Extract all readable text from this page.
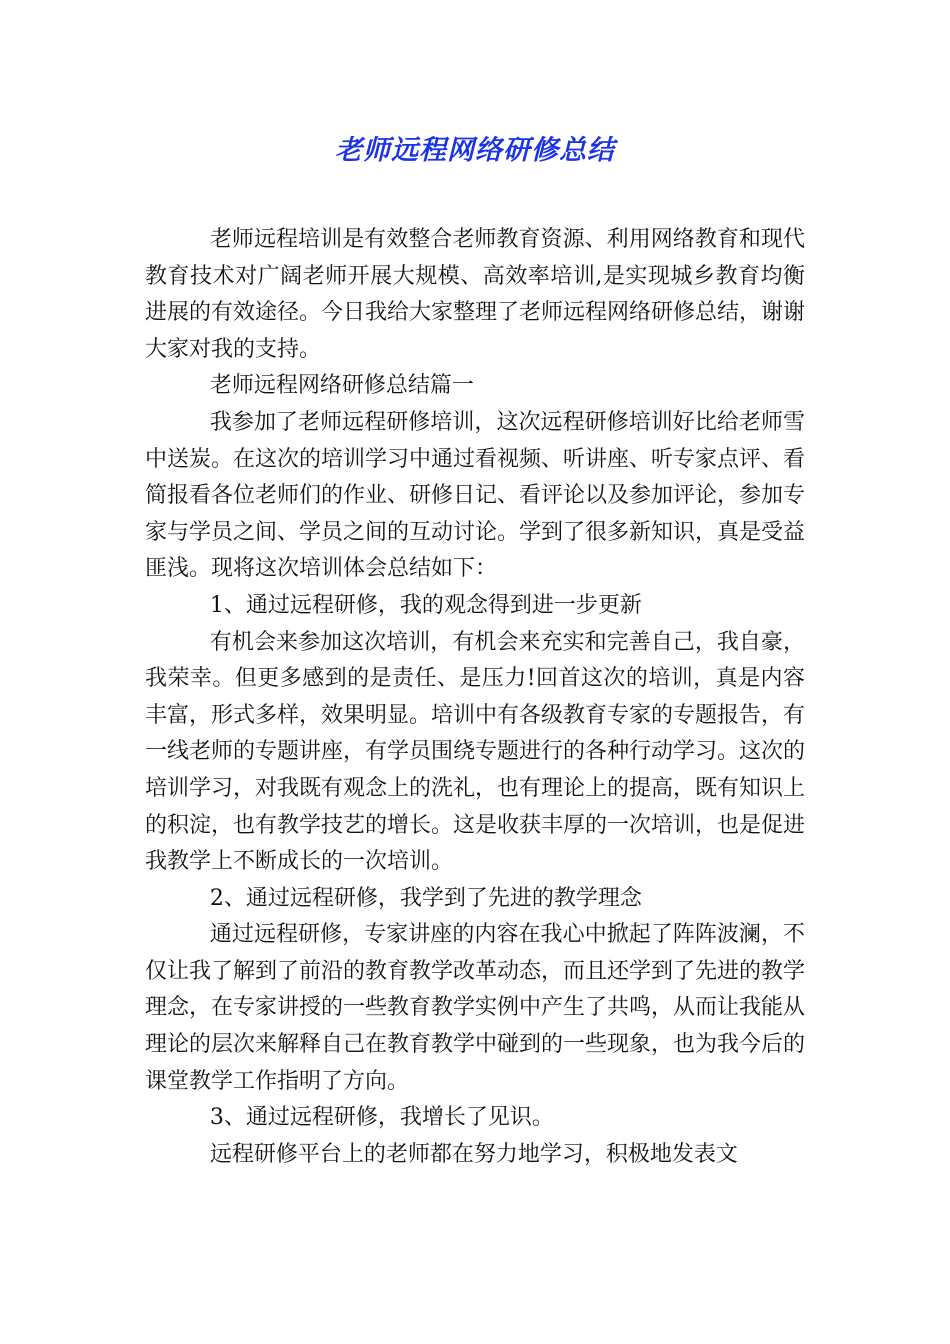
老师远程网络研修总结

老师远程培训是有效整合老师教育资源、利用网络教育和现代教育技术对广阔老师开展大规模、高效率培训,是实现城乡教育均衡进展的有效途径。今日我给大家整理了老师远程网络研修总结，谢谢大家对我的支持。

老师远程网络研修总结篇一

我参加了老师远程研修培训，这次远程研修培训好比给老师雪中送炭。在这次的培训学习中通过看视频、听讲座、听专家点评、看简报看各位老师们的作业、研修日记、看评论以及参加评论，参加专家与学员之间、学员之间的互动讨论。学到了很多新知识，真是受益匪浅。现将这次培训体会总结如下：

1、通过远程研修，我的观念得到进一步更新

有机会来参加这次培训，有机会来充实和完善自己，我自豪，我荣幸。但更多感到的是责任、是压力!回首这次的培训，真是内容丰富，形式多样，效果明显。培训中有各级教育专家的专题报告，有一线老师的专题讲座，有学员围绕专题进行的各种行动学习。这次的培训学习，对我既有观念上的洗礼，也有理论上的提高，既有知识上的积淀，也有教学技艺的增长。这是收获丰厚的一次培训，也是促进我教学上不断成长的一次培训。

2、通过远程研修，我学到了先进的教学理念

通过远程研修，专家讲座的内容在我心中掀起了阵阵波澜，不仅让我了解到了前沿的教育教学改革动态，而且还学到了先进的教学理念，在专家讲授的一些教育教学实例中产生了共鸣，从而让我能从理论的层次来解释自己在教育教学中碰到的一些现象，也为我今后的课堂教学工作指明了方向。

3、通过远程研修，我增长了见识。

远程研修平台上的老师都在努力地学习，积极地发表文
